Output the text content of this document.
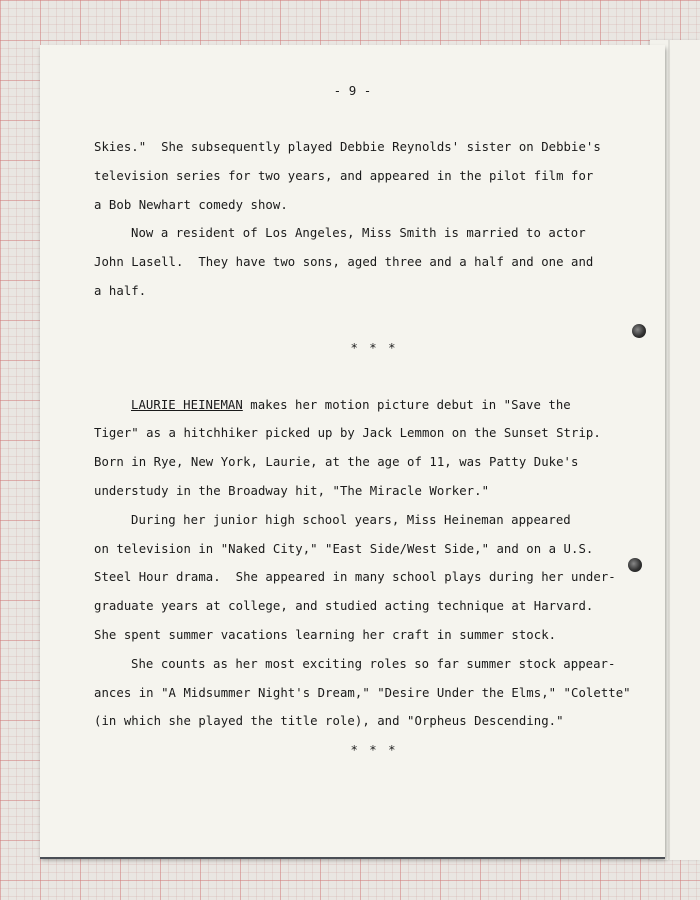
- 9 -
Skies."  She subsequently played Debbie Reynolds' sister on Debbie's
television series for two years, and appeared in the pilot film for
a Bob Newhart comedy show.
Now a resident of Los Angeles, Miss Smith is married to actor
John Lasell.  They have two sons, aged three and a half and one and
a half.
* * *
LAURIE HEINEMAN makes her motion picture debut in "Save the
Tiger" as a hitchhiker picked up by Jack Lemmon on the Sunset Strip.
Born in Rye, New York, Laurie, at the age of 11, was Patty Duke's
understudy in the Broadway hit, "The Miracle Worker."
During her junior high school years, Miss Heineman appeared
on television in "Naked City," "East Side/West Side," and on a U.S.
Steel Hour drama.  She appeared in many school plays during her under-
graduate years at college, and studied acting technique at Harvard.
She spent summer vacations learning her craft in summer stock.
She counts as her most exciting roles so far summer stock appear-
ances in "A Midsummer Night's Dream," "Desire Under the Elms," "Colette"
(in which she played the title role), and "Orpheus Descending."
* * *
